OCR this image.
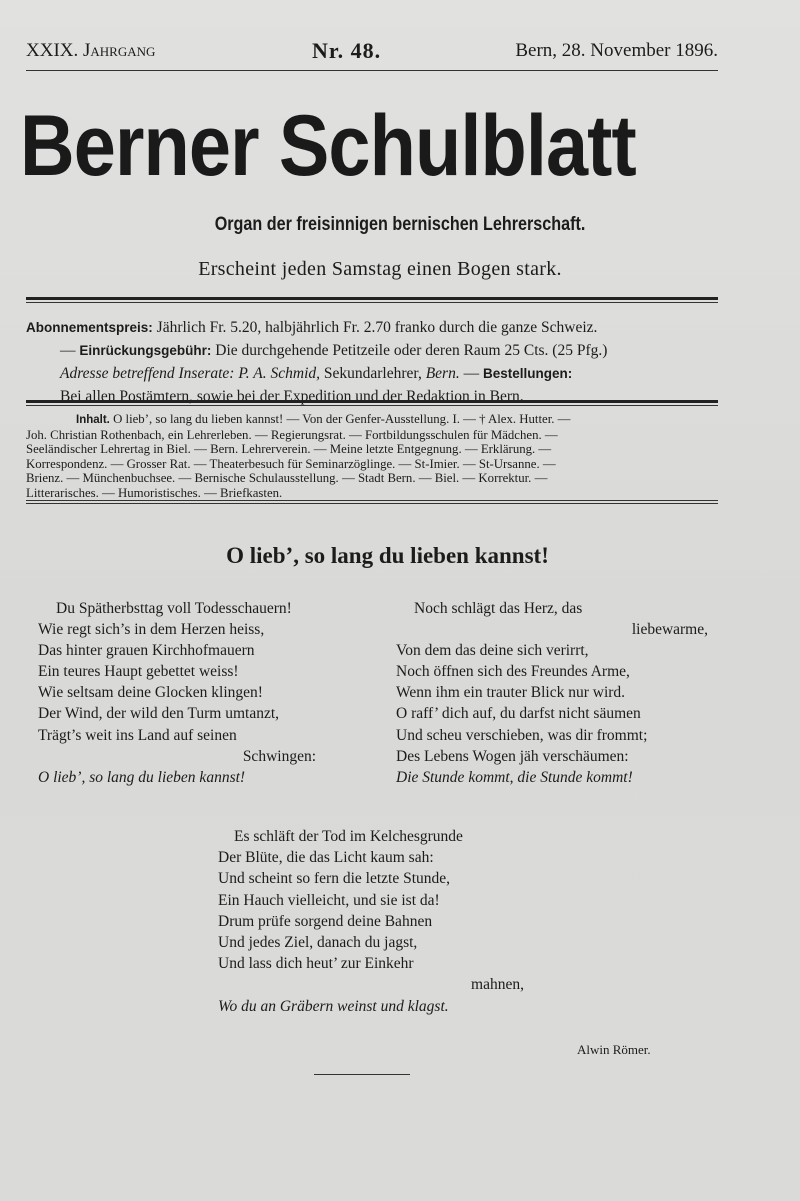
XXIX. Jahrgang	Nr. 48.	Bern, 28. November 1896.
Berner Schulblatt
Organ der freisinnigen bernischen Lehrerschaft.
Erscheint jeden Samstag einen Bogen stark.
Abonnementspreis: Jährlich Fr. 5.20, halbjährlich Fr. 2.70 franko durch die ganze Schweiz.
— Einrückungsgebühr: Die durchgehende Petitzeile oder deren Raum 25 Cts. (25 Pfg.)
Adresse betreffend Inserate: P. A. Schmid, Sekundarlehrer, Bern. — Bestellungen:
Bei allen Postämtern, sowie bei der Expedition und der Redaktion in Bern.
Inhalt. O lieb’, so lang du lieben kannst! — Von der Genfer-Ausstellung. I. — † Alex. Hutter. —
Joh. Christian Rothenbach, ein Lehrerleben. — Regierungsrat. — Fortbildungsschulen für Mädchen. —
Seeländischer Lehrertag in Biel. — Bern. Lehrerverein. — Meine letzte Entgegnung. — Erklärung. —
Korrespondenz. — Grosser Rat. — Theaterbesuch für Seminarzöglinge. — St-Imier. — St-Ursanne. —
Brienz. — Münchenbuchsee. — Bernische Schulausstellung. — Stadt Bern. — Biel. — Korrektur. —
Litterarisches. — Humoristisches. — Briefkasten.
O lieb’, so lang du lieben kannst!
Du Spätherbsttag voll Todesschauern!
Wie regt sich’s in dem Herzen heiss,
Das hinter grauen Kirchhofmauern
Ein teures Haupt gebettet weiss!
Wie seltsam deine Glocken klingen!
Der Wind, der wild den Turm umtanzt,
Trägt’s weit ins Land auf seinen
Schwingen:
O lieb’, so lang du lieben kannst!
Noch schlägt das Herz, das
liebewarme,
Von dem das deine sich verirrt,
Noch öffnen sich des Freundes Arme,
Wenn ihm ein trauter Blick nur wird.
O raff’ dich auf, du darfst nicht säumen
Und scheu verschieben, was dir frommt;
Des Lebens Wogen jäh verschäumen:
Die Stunde kommt, die Stunde kommt!
Es schläft der Tod im Kelchesgrunde
Der Blüte, die das Licht kaum sah:
Und scheint so fern die letzte Stunde,
Ein Hauch vielleicht, und sie ist da!
Drum prüfe sorgend deine Bahnen
Und jedes Ziel, danach du jagst,
Und lass dich heut’ zur Einkehr
mahnen,
Wo du an Gräbern weinst und klagst.
Alwin Römer.
